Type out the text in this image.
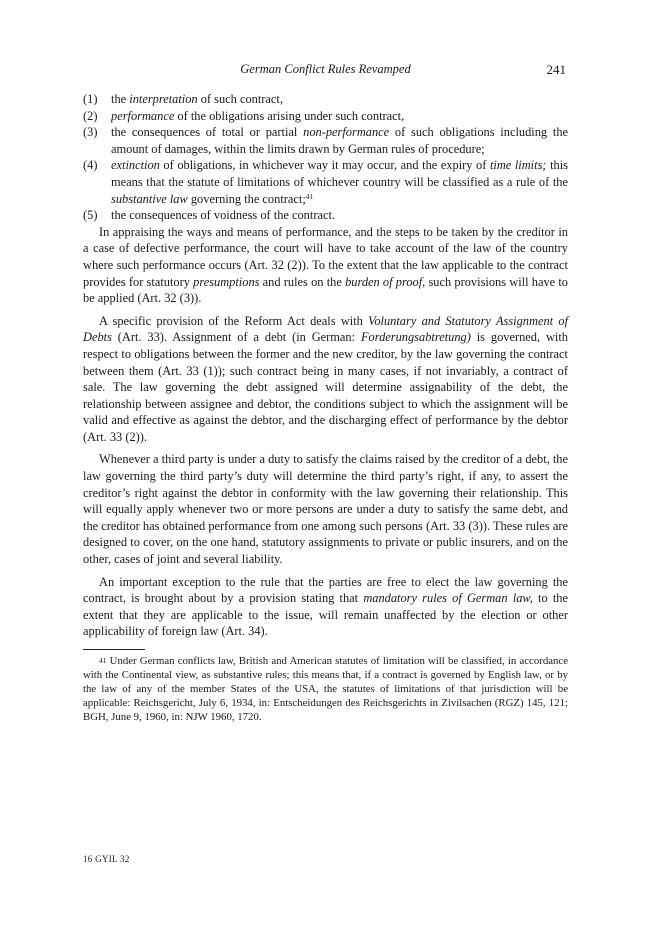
German Conflict Rules Revamped	241
(1) the interpretation of such contract,
(2) performance of the obligations arising under such contract,
(3) the consequences of total or partial non-performance of such obligations including the amount of damages, within the limits drawn by German rules of procedure;
(4) extinction of obligations, in whichever way it may occur, and the expiry of time limits; this means that the statute of limitations of whichever country will be classified as a rule of the substantive law governing the contract;$^{41}$
(5) the consequences of voidness of the contract.

In appraising the ways and means of performance, and the steps to be taken by the creditor in a case of defective performance, the court will have to take account of the law of the country where such performance occurs (Art. 32 (2)). To the extent that the law applicable to the contract provides for statutory presumptions and rules on the burden of proof, such provisions will have to be applied (Art. 32 (3)).

A specific provision of the Reform Act deals with Voluntary and Statutory Assignment of Debts (Art. 33). Assignment of a debt (in German: Forderungsabtretung) is governed, with respect to obligations between the former and the new creditor, by the law governing the contract between them (Art. 33 (1)); such contract being in many cases, if not invariably, a contract of sale. The law governing the debt assigned will determine assignability of the debt, the relationship between assignee and debtor, the conditions subject to which the assignment will be valid and effective as against the debtor, and the discharging effect of performance by the debtor (Art. 33 (2)).

Whenever a third party is under a duty to satisfy the claims raised by the creditor of a debt, the law governing the third party’s duty will determine the third party’s right, if any, to assert the creditor’s right against the debtor in conformity with the law governing their relationship. This will equally apply whenever two or more persons are under a duty to satisfy the same debt, and the creditor has obtained performance from one among such persons (Art. 33 (3)). These rules are designed to cover, on the one hand, statutory assignments to private or public insurers, and on the other, cases of joint and several liability.

An important exception to the rule that the parties are free to elect the law governing the contract, is brought about by a provision stating that mandatory rules of German law, to the extent that they are applicable to the issue, will remain unaffected by the election or other applicability of foreign law (Art. 34).

$^{41}$ Under German conflicts law, British and American statutes of limitation will be classified, in accordance with the Continental view, as substantive rules; this means that, if a contract is governed by English law, or by the law of any of the member States of the USA, the statutes of limitations of that jurisdiction will be applicable: Reichsgericht, July 6, 1934, in: Entscheidungen des Reichsgerichts in Zivilsachen (RGZ) 145, 121; BGH, June 9, 1960, in: NJW 1960, 1720.
16 GYIL 32
